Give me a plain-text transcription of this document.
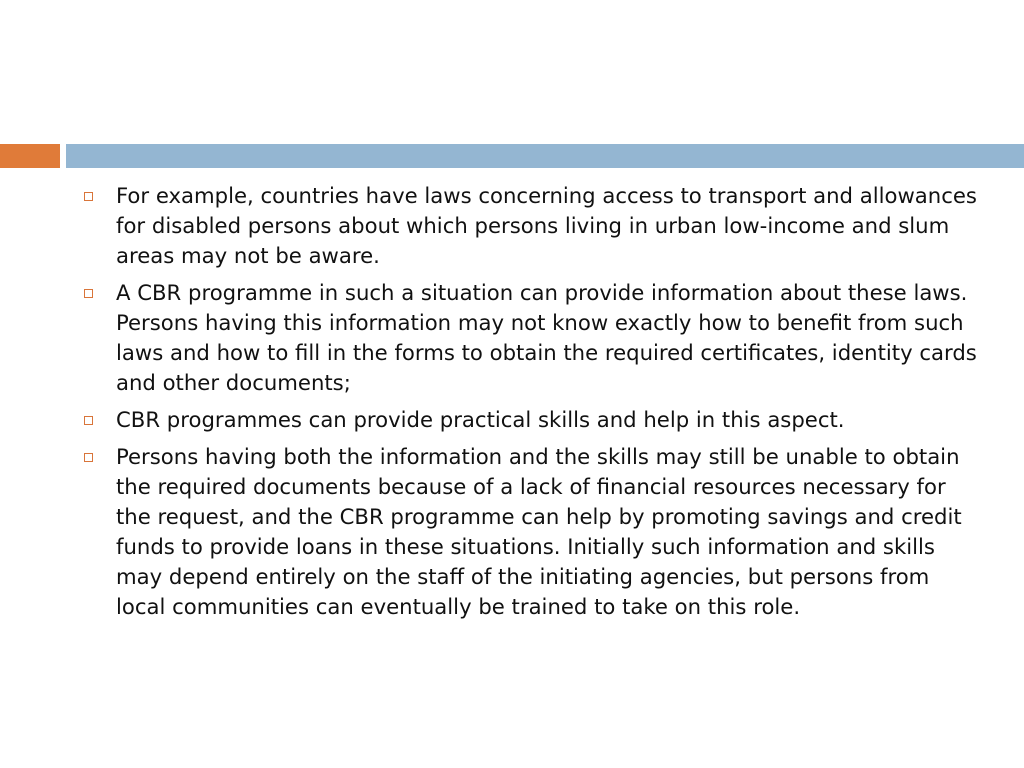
For example, countries have laws concerning access to transport and allowances for disabled persons about which persons living in urban low-income and slum areas may not be aware.
A CBR programme in such a situation can provide information about these laws. Persons having this information may not know exactly how to benefit from such laws and how to fill in the forms to obtain the required certificates, identity cards and other documents;
CBR programmes can provide practical skills and help in this aspect.
Persons having both the information and the skills may still be unable to obtain the required documents because of a lack of financial resources necessary for the request, and the CBR programme can help by promoting savings and credit funds to provide loans in these situations. Initially such information and skills may depend entirely on the staff of the initiating agencies, but persons from local communities can eventually be trained to take on this role.
